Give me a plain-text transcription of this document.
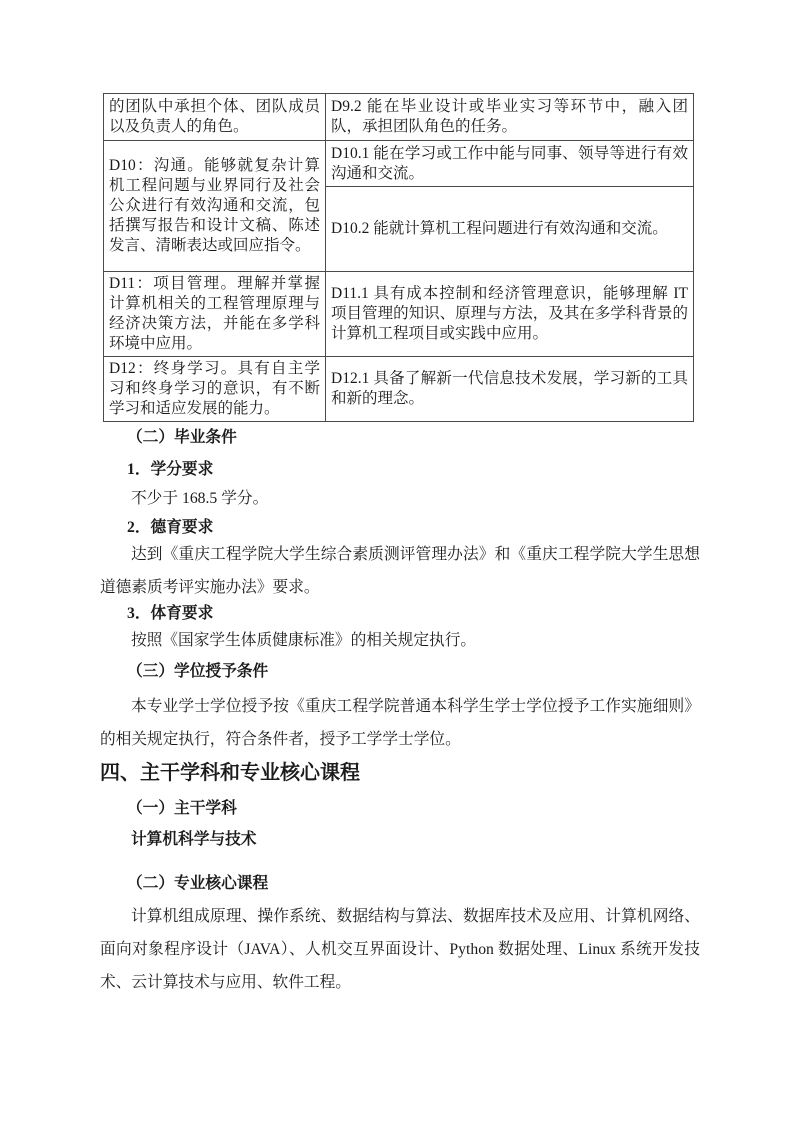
的团队中承担个体、团队成员以及负责人的角色。	D9.2 能在毕业设计或毕业实习等环节中，融入团队，承担团队角色的任务。
D10：沟通。能够就复杂计算机工程问题与业界同行及社会公众进行有效沟通和交流，包括撰写报告和设计文稿、陈述发言、清晰表达或回应指令。	D10.1 能在学习或工作中能与同事、领导等进行有效沟通和交流。
	D10.2 能就计算机工程问题进行有效沟通和交流。
D11：项目管理。理解并掌握计算机相关的工程管理原理与经济决策方法，并能在多学科环境中应用。	D11.1 具有成本控制和经济管理意识，能够理解 IT 项目管理的知识、原理与方法，及其在多学科背景的计算机工程项目或实践中应用。
D12：终身学习。具有自主学习和终身学习的意识，有不断学习和适应发展的能力。	D12.1 具备了解新一代信息技术发展，学习新的工具和新的理念。

（二）毕业条件

1．学分要求

不少于 168.5 学分。

2．德育要求

达到《重庆工程学院大学生综合素质测评管理办法》和《重庆工程学院大学生思想道德素质考评实施办法》要求。

3．体育要求

按照《国家学生体质健康标准》的相关规定执行。

（三）学位授予条件

本专业学士学位授予按《重庆工程学院普通本科学生学士学位授予工作实施细则》的相关规定执行，符合条件者，授予工学学士学位。

四、主干学科和专业核心课程

（一）主干学科

计算机科学与技术

（二）专业核心课程

计算机组成原理、操作系统、数据结构与算法、数据库技术及应用、计算机网络、面向对象程序设计（JAVA）、人机交互界面设计、Python 数据处理、Linux 系统开发技术、云计算技术与应用、软件工程。
